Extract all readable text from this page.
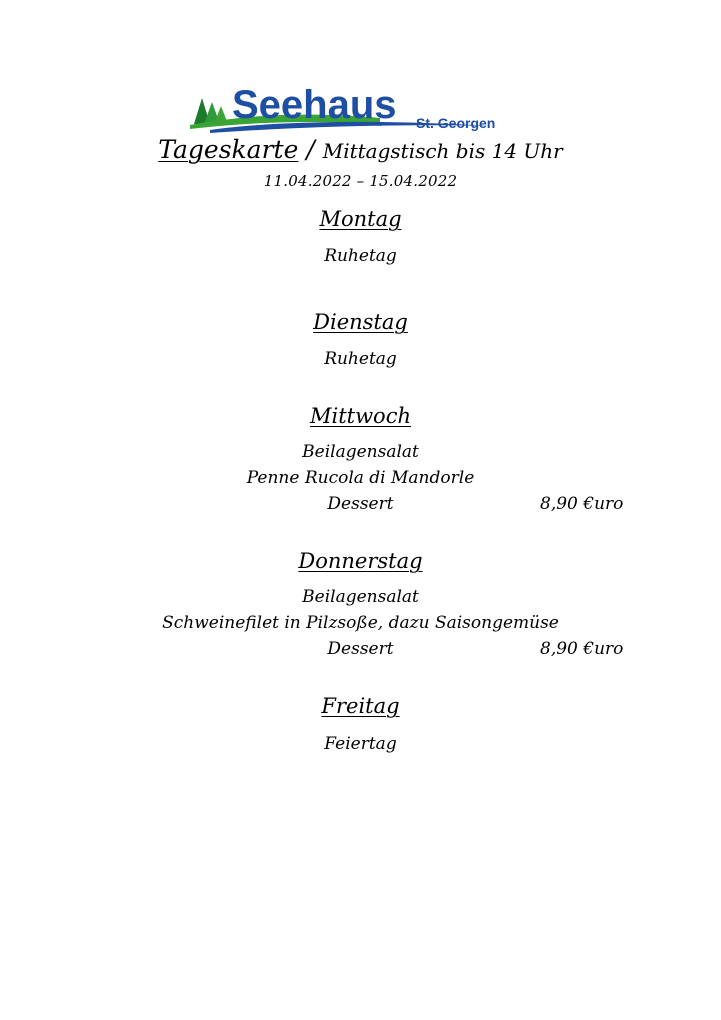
Seehaus St. Georgen
Tageskarte / Mittagstisch bis 14 Uhr
11.04.2022 – 15.04.2022
Montag
Ruhetag
Dienstag
Ruhetag
Mittwoch
Beilagensalat
Penne Rucola di Mandorle
Dessert	8,90 €uro
Donnerstag
Beilagensalat
Schweinefilet in Pilzsoße, dazu Saisongemüse
Dessert	8,90 €uro
Freitag
Feiertag
